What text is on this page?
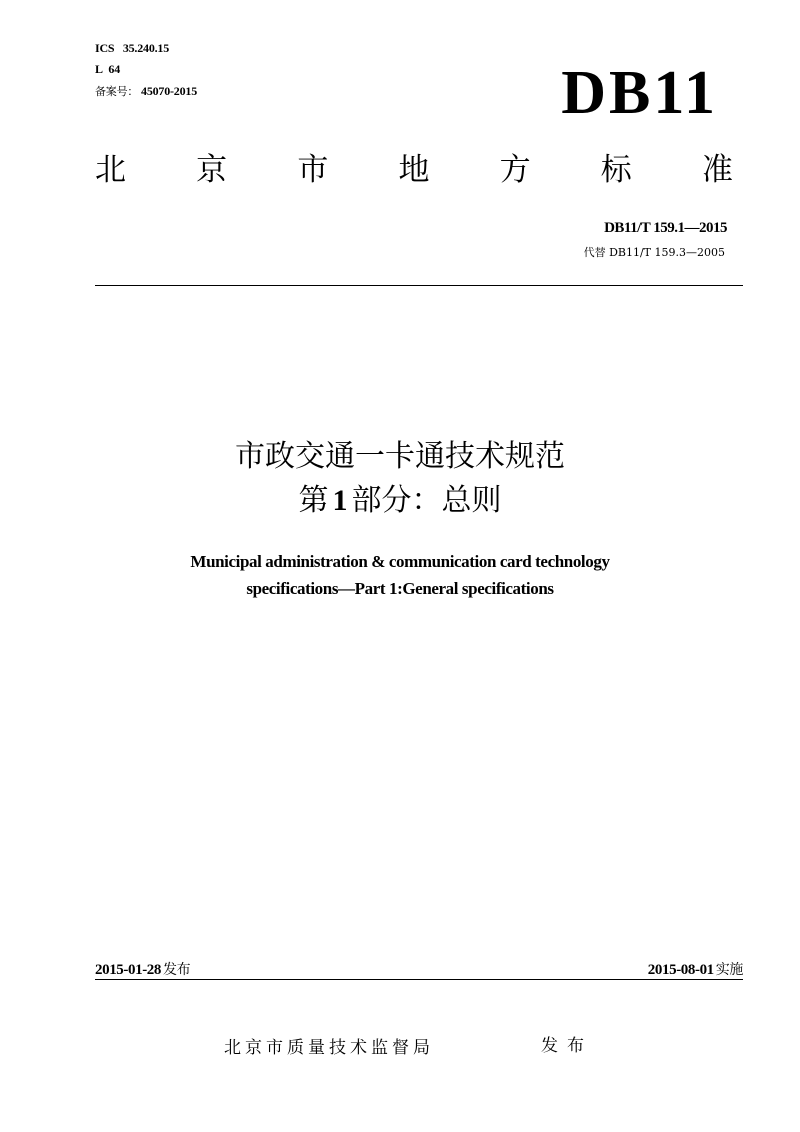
ICS 35.240.15
L 64
备案号： 45070-2015	DB11
北 京 市 地 方 标 准
DB11/T 159.1—2015
代替 DB11/T 159.3—2005
市政交通一卡通技术规范
第 1 部分：总则
Municipal administration & communication card technology
specifications—Part 1:General specifications
2015-01-28 发布	2015-08-01 实施
北京市质量技术监督局	发布
